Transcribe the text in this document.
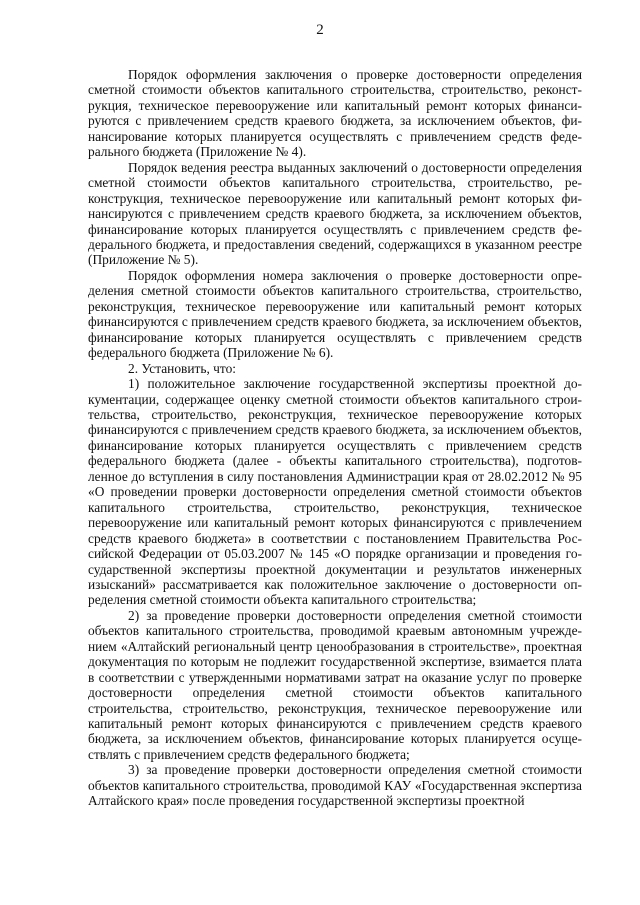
2

Порядок оформления заключения о проверке достоверности определения сметной стоимости объектов капитального строительства, строительство, реконструкция, техническое перевооружение или капитальный ремонт которых финансируются с привлечением средств краевого бюджета, за исключением объектов, финансирование которых планируется осуществлять с привлечением средств федерального бюджета (Приложение № 4).

Порядок ведения реестра выданных заключений о достоверности определения сметной стоимости объектов капитального строительства, строительство, реконструкция, техническое перевооружение или капитальный ремонт которых финансируются с привлечением средств краевого бюджета, за исключением объектов, финансирование которых планируется осуществлять с привлечением средств федерального бюджета, и предоставления сведений, содержащихся в указанном реестре (Приложение № 5).

Порядок оформления номера заключения о проверке достоверности определения сметной стоимости объектов капитального строительства, строительство, реконструкция, техническое перевооружение или капитальный ремонт которых финансируются с привлечением средств краевого бюджета, за исключением объектов, финансирование которых планируется осуществлять с привлечением средств федерального бюджета (Приложение № 6).

2. Установить, что:

1) положительное заключение государственной экспертизы проектной документации, содержащее оценку сметной стоимости объектов капитального строительства, строительство, реконструкция, техническое перевооружение которых финансируются с привлечением средств краевого бюджета, за исключением объектов, финансирование которых планируется осуществлять с привлечением средств федерального бюджета (далее - объекты капитального строительства), подготовленное до вступления в силу постановления Администрации края от 28.02.2012 № 95 «О проведении проверки достоверности определения сметной стоимости объектов капитального строительства, строительство, реконструкция, техническое перевооружение или капитальный ремонт которых финансируются с привлечением средств краевого бюджета» в соответствии с постановлением Правительства Российской Федерации от 05.03.2007 № 145 «О порядке организации и проведения государственной экспертизы проектной документации и результатов инженерных изысканий» рассматривается как положительное заключение о достоверности определения сметной стоимости объекта капитального строительства;

2) за проведение проверки достоверности определения сметной стоимости объектов капитального строительства, проводимой краевым автономным учреждением «Алтайский региональный центр ценообразования в строительстве», проектная документация по которым не подлежит государственной экспертизе, взимается плата в соответствии с утвержденными нормативами затрат на оказание услуг по проверке достоверности определения сметной стоимости объектов капитального строительства, строительство, реконструкция, техническое перевооружение или капитальный ремонт которых финансируются с привлечением средств краевого бюджета, за исключением объектов, финансирование которых планируется осуществлять с привлечением средств федерального бюджета;

3) за проведение проверки достоверности определения сметной стоимости объектов капитального строительства, проводимой КАУ «Государственная экспертиза Алтайского края» после проведения государственной экспертизы проектной
